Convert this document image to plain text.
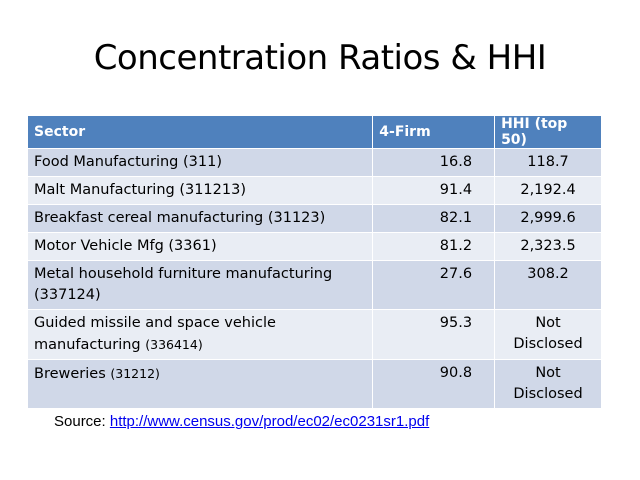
Concentration Ratios & HHI
Sector	4-Firm	HHI (top 50)
Food Manufacturing (311)	16.8	118.7
Malt Manufacturing (311213)	91.4	2,192.4
Breakfast cereal manufacturing (31123)	82.1	2,999.6
Motor Vehicle Mfg (3361)	81.2	2,323.5
Metal household furniture manufacturing (337124)	27.6	308.2
Guided missile and space vehicle manufacturing (336414)	95.3	Not Disclosed
Breweries (31212)	90.8	Not Disclosed
Source: http://www.census.gov/prod/ec02/ec0231sr1.pdf
